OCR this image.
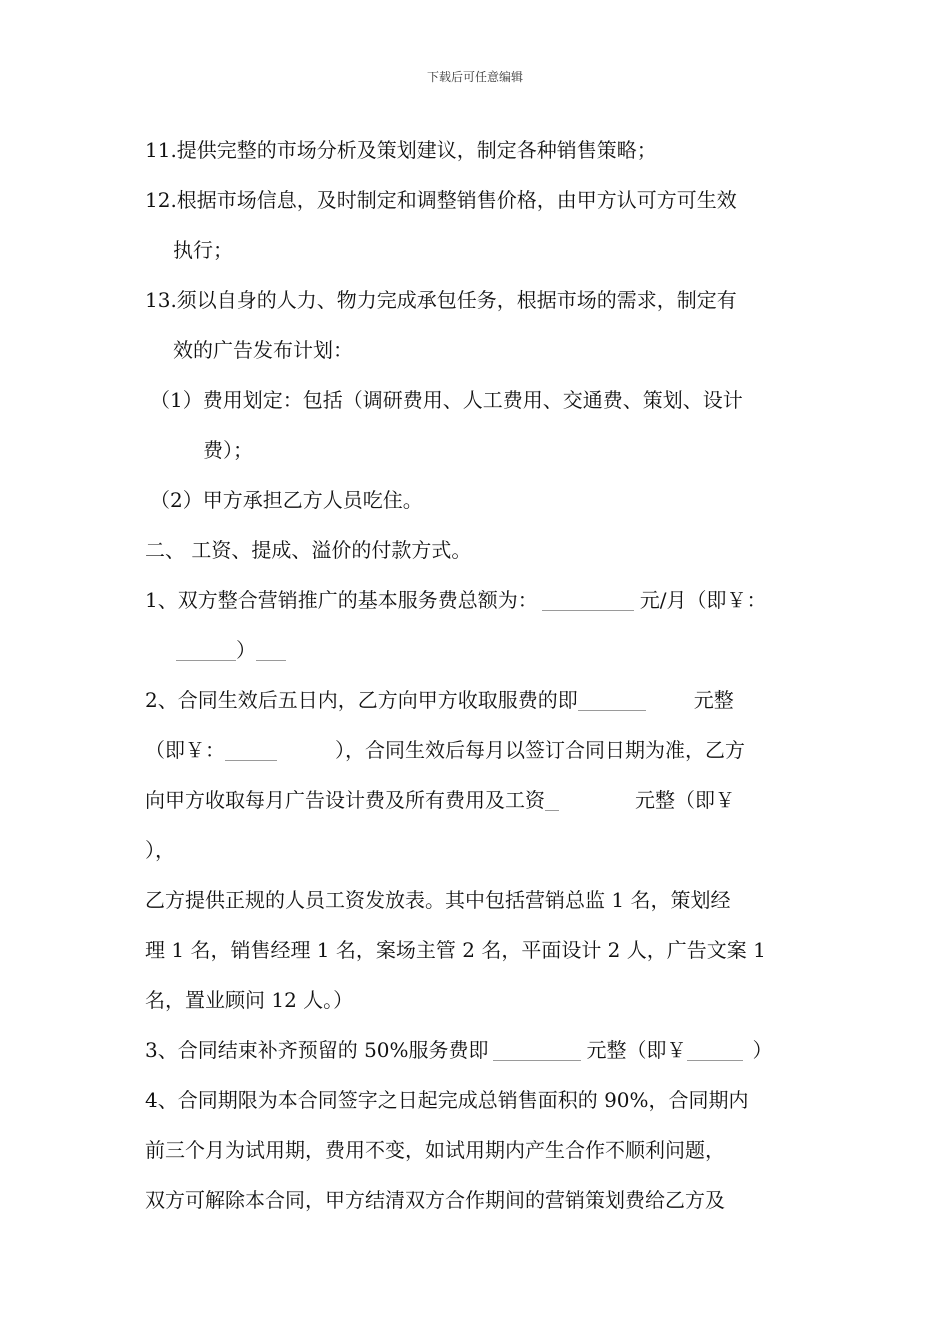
下载后可任意编辑
11.提供完整的市场分析及策划建议，制定各种销售策略；
12.根据市场信息，及时制定和调整销售价格，由甲方认可方可生效
执行；
13.须以自身的人力、物力完成承包任务，根据市场的需求，制定有
效的广告发布计划：
（1）费用划定：包括（调研费用、人工费用、交通费、策划、设计
费）；
（2）甲方承担乙方人员吃住。
二、 工资、提成、溢价的付款方式。
1、双方整合营销推广的基本服务费总额为：	元/月（即￥：
）
2、合同生效后五日内，乙方向甲方收取服费的即	元整
（即￥：	），合同生效后每月以签订合同日期为准，乙方
向甲方收取每月广告设计费及所有费用及工资	元整（即￥
），
乙方提供正规的人员工资发放表。其中包括营销总监 1 名，策划经
理 1 名，销售经理 1 名，案场主管 2 名，平面设计 2 人，广告文案 1
名，置业顾问 12 人。）
3、合同结束补齐预留的 50%服务费即	元整（即￥	）
4、合同期限为本合同签字之日起完成总销售面积的 90%，合同期内
前三个月为试用期，费用不变，如试用期内产生合作不顺利问题，
双方可解除本合同，甲方结清双方合作期间的营销策划费给乙方及
